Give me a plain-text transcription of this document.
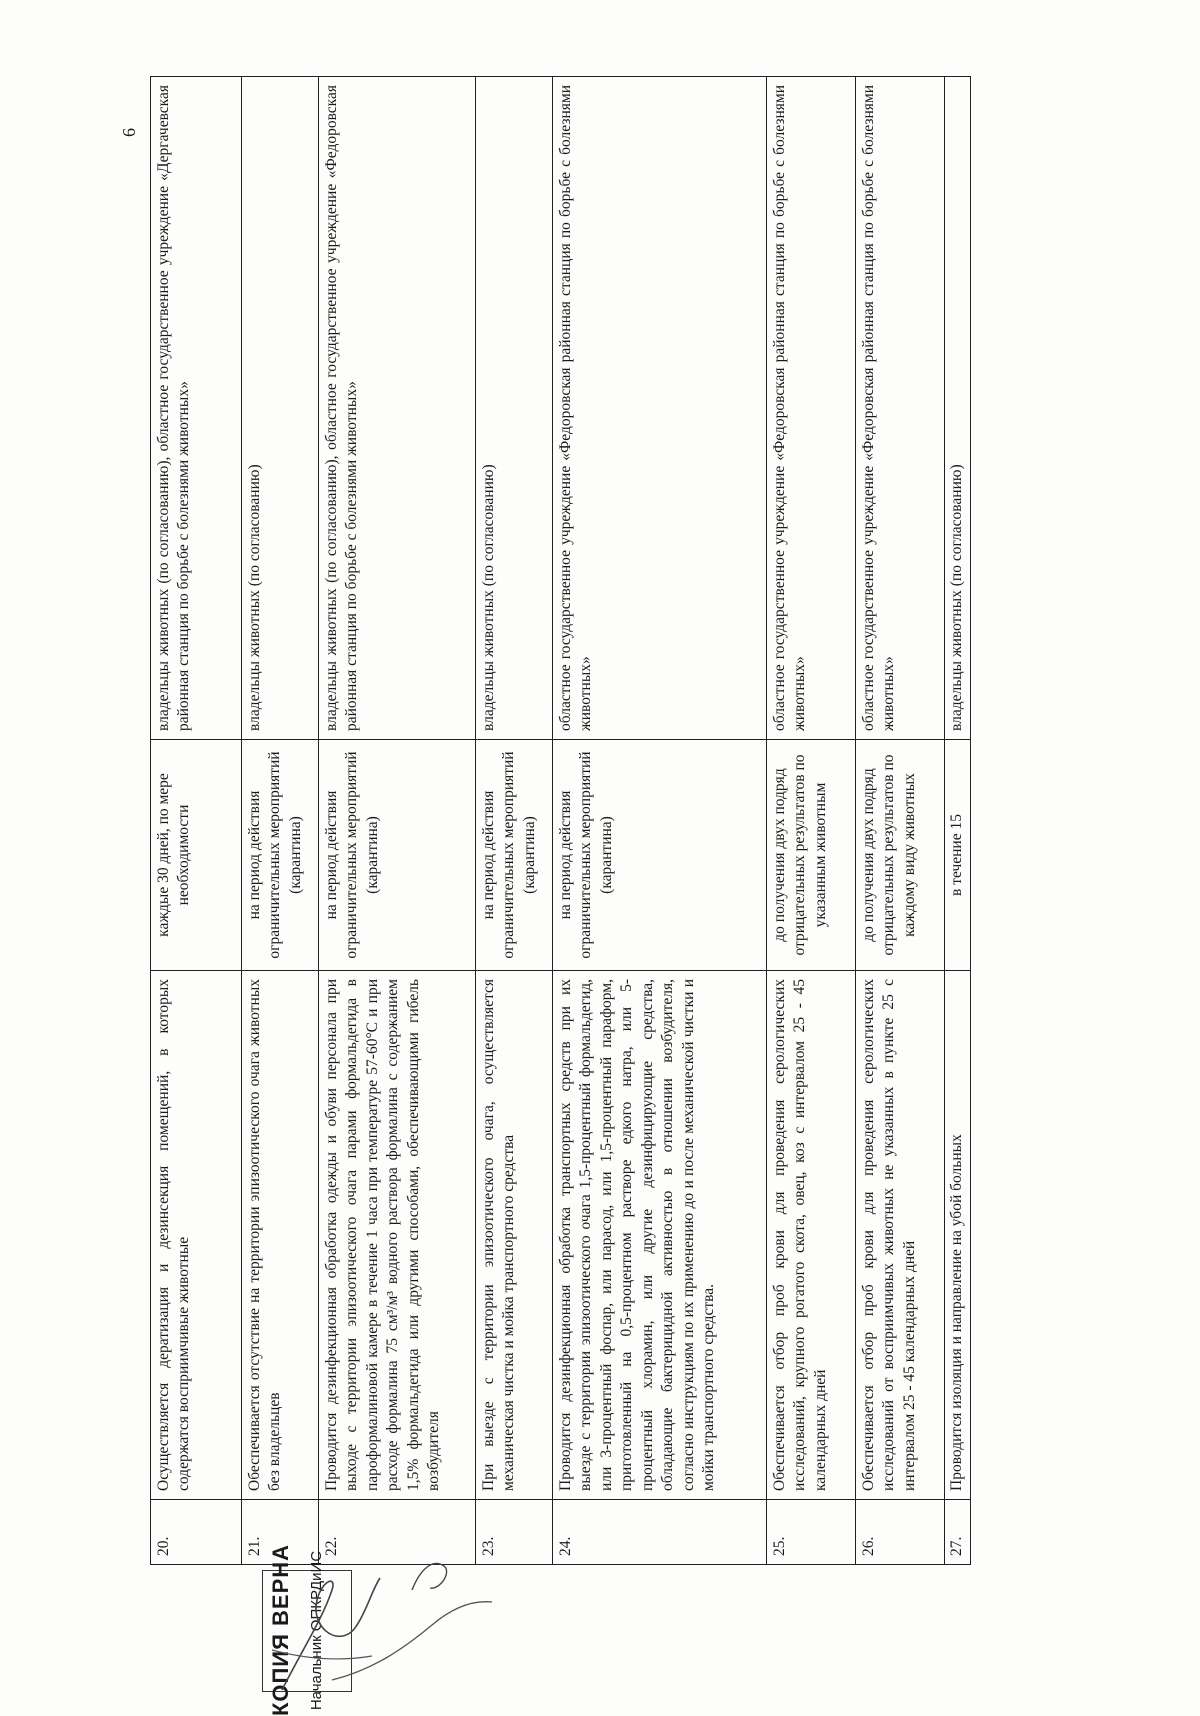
6
20.	Осуществляется дератизация и дезинсекция помещений, в которых содержатся восприимчивые животные	каждые 30 дней, по мере необходимости	владельцы животных (по согласованию), областное государственное учреждение «Дергачевская районная станция по борьбе с болезнями животных»
21.	Обеспечивается отсутствие на территории эпизоотического очага животных без владельцев	на период действия ограничительных мероприятий (карантина)	владельцы животных (по согласованию)
22.	Проводится дезинфекционная обработка одежды и обуви персонала при выходе с территории эпизоотического очага парами формальдегида в пароформалиновой камере в течение 1 часа при температуре 57-60°С и при расходе формалина 75 см³/м³ водного раствора формалина с содержанием 1,5% формальдегида или другими способами, обеспечивающими гибель возбудителя	на период действия ограничительных мероприятий (карантина)	владельцы животных (по согласованию), областное государственное учреждение «Федоровская районная станция по борьбе с болезнями животных»
23.	При выезде с территории эпизоотического очага, осуществляется механическая чистка и мойка транспортного средства	на период действия ограничительных мероприятий (карантина)	владельцы животных (по согласованию)
24.	Проводится дезинфекционная обработка транспортных средств при их выезде с территории эпизоотического очага 1,5-процентный формальдегид, или 3-процентный фоспар, или парасод, или 1,5-процентный параформ, приготовленный на 0,5-процентном растворе едкого натра, или 5-процентный хлорамин, или другие дезинфицирующие средства, обладающие бактерицидной активностью в отношении возбудителя, согласно инструкциям по их применению до и после механической чистки и мойки транспортного средства.	на период действия ограничительных мероприятий (карантина)	областное государственное учреждение «Федоровская районная станция по борьбе с болезнями животных»
25.	Обеспечивается отбор проб крови для проведения серологических исследований, крупного рогатого скота, овец, коз с интервалом 25 - 45 календарных дней	до получения двух подряд отрицательных результатов по указанным животным	областное государственное учреждение «Федоровская районная станция по борьбе с болезнями животных»
26.	Обеспечивается отбор проб крови для проведения серологических исследований от восприимчивых животных не указанных в пункте 25 с интервалом 25 - 45 календарных дней	до получения двух подряд отрицательных результатов по каждому виду животных	областное государственное учреждение «Федоровская районная станция по борьбе с болезнями животных»
27.	Проводится изоляция и направление на убой больных	в течение 15	владельцы животных (по согласованию)
КОПИЯ ВЕРНА Начальник ОПКРДиИС
